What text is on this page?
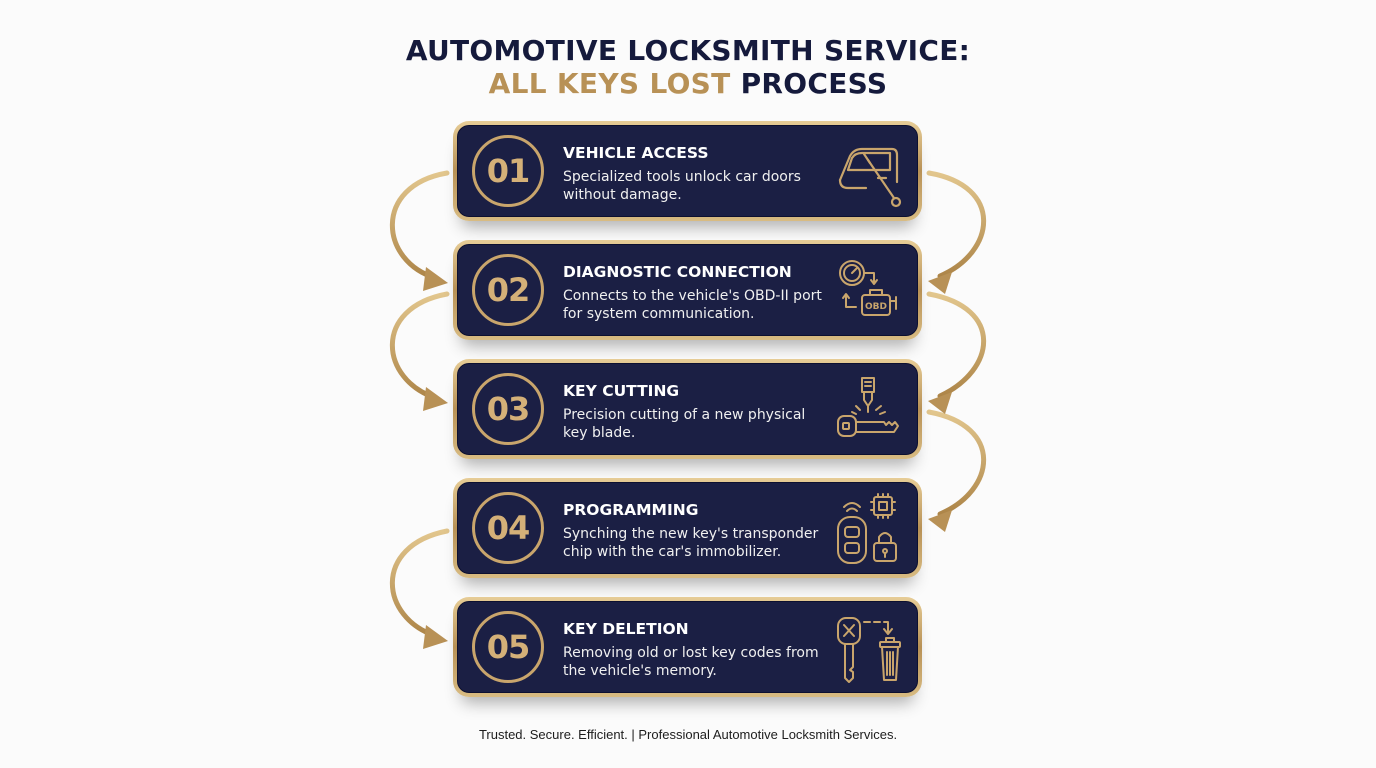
AUTOMOTIVE LOCKSMITH SERVICE:
ALL KEYS LOST PROCESS
01	VEHICLE ACCESS
Specialized tools unlock car doors without damage.
02	DIAGNOSTIC CONNECTION
Connects to the vehicle's OBD-II port for system communication.	OBD
03	KEY CUTTING
Precision cutting of a new physical key blade.
04	PROGRAMMING
Synching the new key's transponder chip with the car's immobilizer.
05	KEY DELETION
Removing old or lost key codes from the vehicle's memory.
Trusted. Secure. Efficient. | Professional Automotive Locksmith Services.
